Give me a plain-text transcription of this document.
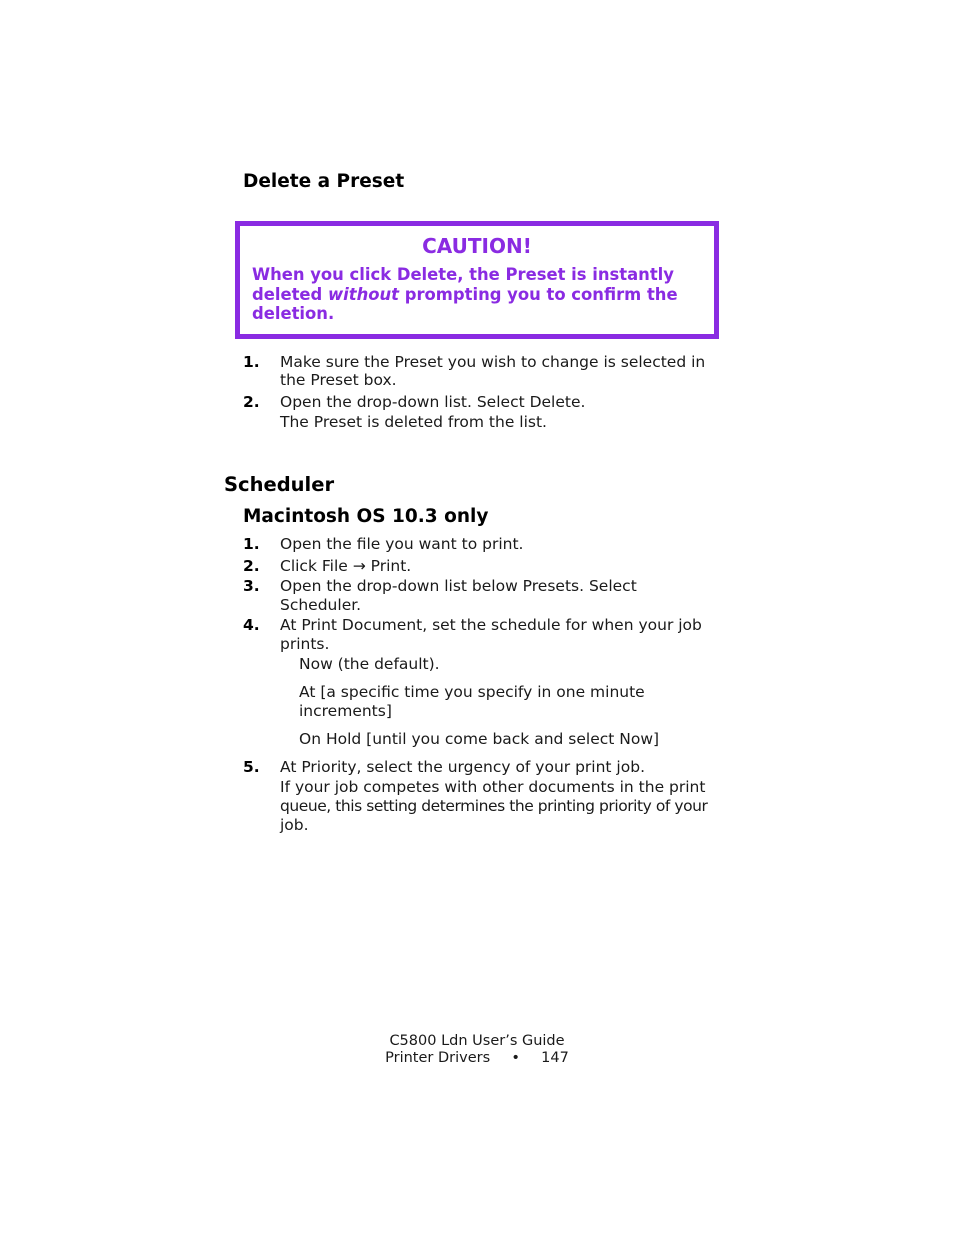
Delete a Preset
CAUTION!
When you click Delete, the Preset is instantly deleted without prompting you to confirm the deletion.
1. Make sure the Preset you wish to change is selected in
the Preset box.
2. Open the drop-down list. Select Delete.
The Preset is deleted from the list.
Scheduler
Macintosh OS 10.3 only
1. Open the file you want to print.
2. Click File → Print.
3. Open the drop-down list below Presets. Select
Scheduler.
4. At Print Document, set the schedule for when your job
prints.
Now (the default).
At [a specific time you specify in one minute
increments]
On Hold [until you come back and select Now]
5. At Priority, select the urgency of your print job.
If your job competes with other documents in the print
queue, this setting determines the printing priority of your
job.
C5800 Ldn User’s Guide
Printer Drivers • 147
